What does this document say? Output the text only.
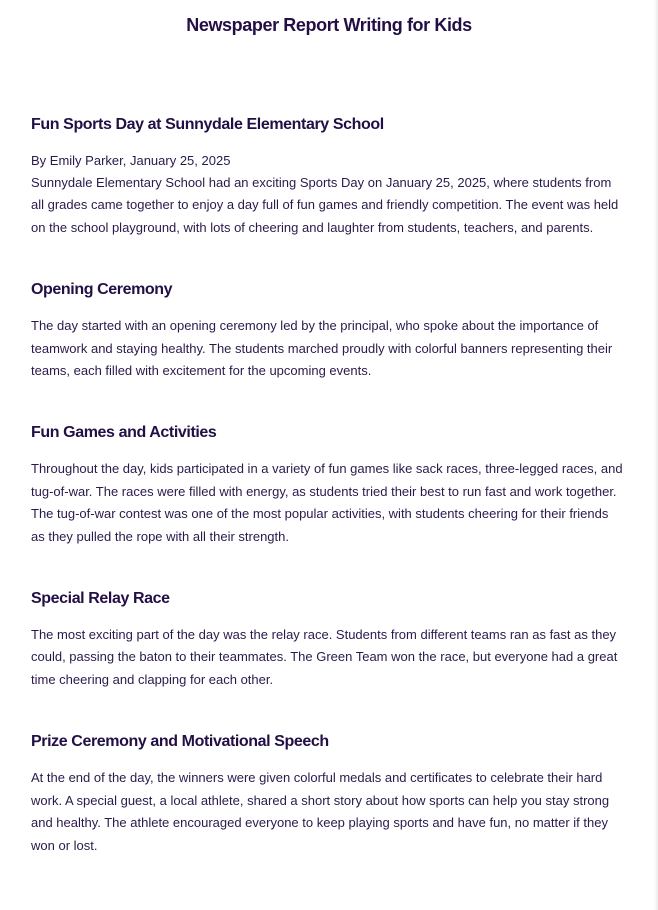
Newspaper Report Writing for Kids
Fun Sports Day at Sunnydale Elementary School
By Emily Parker, January 25, 2025

Sunnydale Elementary School had an exciting Sports Day on January 25, 2025, where students from all grades came together to enjoy a day full of fun games and friendly competition. The event was held on the school playground, with lots of cheering and laughter from students, teachers, and parents.

Opening Ceremony

The day started with an opening ceremony led by the principal, who spoke about the importance of teamwork and staying healthy. The students marched proudly with colorful banners representing their teams, each filled with excitement for the upcoming events.

Fun Games and Activities

Throughout the day, kids participated in a variety of fun games like sack races, three-legged races, and tug-of-war. The races were filled with energy, as students tried their best to run fast and work together. The tug-of-war contest was one of the most popular activities, with students cheering for their friends as they pulled the rope with all their strength.

Special Relay Race

The most exciting part of the day was the relay race. Students from different teams ran as fast as they could, passing the baton to their teammates. The Green Team won the race, but everyone had a great time cheering and clapping for each other.

Prize Ceremony and Motivational Speech

At the end of the day, the winners were given colorful medals and certificates to celebrate their hard work. A special guest, a local athlete, shared a short story about how sports can help you stay strong and healthy. The athlete encouraged everyone to keep playing sports and have fun, no matter if they won or lost.
